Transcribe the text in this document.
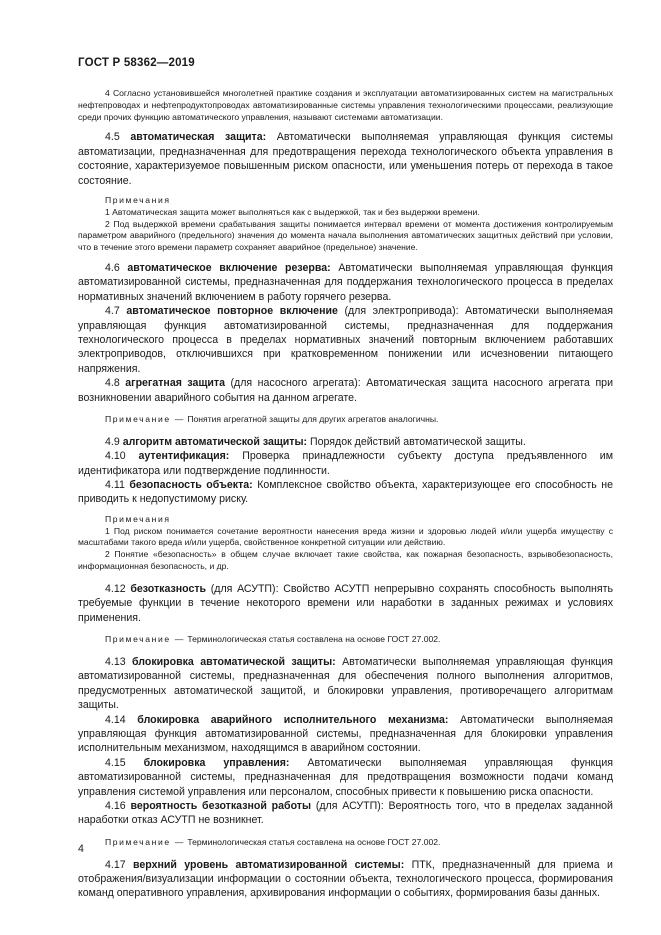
ГОСТ Р 58362—2019

4 Согласно установившейся многолетней практике создания и эксплуатации автоматизированных систем на магистральных нефтепроводах и нефтепродуктопроводах автоматизированные системы управления технологическими процессами, реализующие среди прочих функцию автоматического управления, называют системами автоматизации.

4.5 автоматическая защита: Автоматически выполняемая управляющая функция системы автоматизации, предназначенная для предотвращения перехода технологического объекта управления в состояние, характеризуемое повышенным риском опасности, или уменьшения потерь от перехода в такое состояние.

Примечания

1 Автоматическая защита может выполняться как с выдержкой, так и без выдержки времени.

2 Под выдержкой времени срабатывания защиты понимается интервал времени от момента достижения контролируемым параметром аварийного (предельного) значения до момента начала выполнения автоматических защитных действий при условии, что в течение этого времени параметр сохраняет аварийное (предельное) значение.

4.6 автоматическое включение резерва: Автоматически выполняемая управляющая функция автоматизированной системы, предназначенная для поддержания технологического процесса в пределах нормативных значений включением в работу горячего резерва.

4.7 автоматическое повторное включение (для электропривода): Автоматически выполняемая управляющая функция автоматизированной системы, предназначенная для поддержания технологического процесса в пределах нормативных значений повторным включением работавших электроприводов, отключившихся при кратковременном понижении или исчезновении питающего напряжения.

4.8 агрегатная защита (для насосного агрегата): Автоматическая защита насосного агрегата при возникновении аварийного события на данном агрегате.

Примечание — Понятия агрегатной защиты для других агрегатов аналогичны.

4.9 алгоритм автоматической защиты: Порядок действий автоматической защиты.

4.10 аутентификация: Проверка принадлежности субъекту доступа предъявленного им идентификатора или подтверждение подлинности.

4.11 безопасность объекта: Комплексное свойство объекта, характеризующее его способность не приводить к недопустимому риску.

Примечания

1 Под риском понимается сочетание вероятности нанесения вреда жизни и здоровью людей и/или ущерба имуществу с масштабами такого вреда и/или ущерба, свойственное конкретной ситуации или действию.

2 Понятие «безопасность» в общем случае включает такие свойства, как пожарная безопасность, взрывобезопасность, информационная безопасность, и др.

4.12 безотказность (для АСУТП): Свойство АСУТП непрерывно сохранять способность выполнять требуемые функции в течение некоторого времени или наработки в заданных режимах и условиях применения.

Примечание — Терминологическая статья составлена на основе ГОСТ 27.002.

4.13 блокировка автоматической защиты: Автоматически выполняемая управляющая функция автоматизированной системы, предназначенная для обеспечения полного выполнения алгоритмов, предусмотренных автоматической защитой, и блокировки управления, противоречащего алгоритмам защиты.

4.14 блокировка аварийного исполнительного механизма: Автоматически выполняемая управляющая функция автоматизированной системы, предназначенная для блокировки управления исполнительным механизмом, находящимся в аварийном состоянии.

4.15 блокировка управления: Автоматически выполняемая управляющая функция автоматизированной системы, предназначенная для предотвращения возможности подачи команд управления системой управления или персоналом, способных привести к повышению риска опасности.

4.16 вероятность безотказной работы (для АСУТП): Вероятность того, что в пределах заданной наработки отказ АСУТП не возникнет.

Примечание — Терминологическая статья составлена на основе ГОСТ 27.002.

4.17 верхний уровень автоматизированной системы: ПТК, предназначенный для приема и отображения/визуализации информации о состоянии объекта, технологического процесса, формирования команд оперативного управления, архивирования информации о событиях, формирования базы данных.

4
